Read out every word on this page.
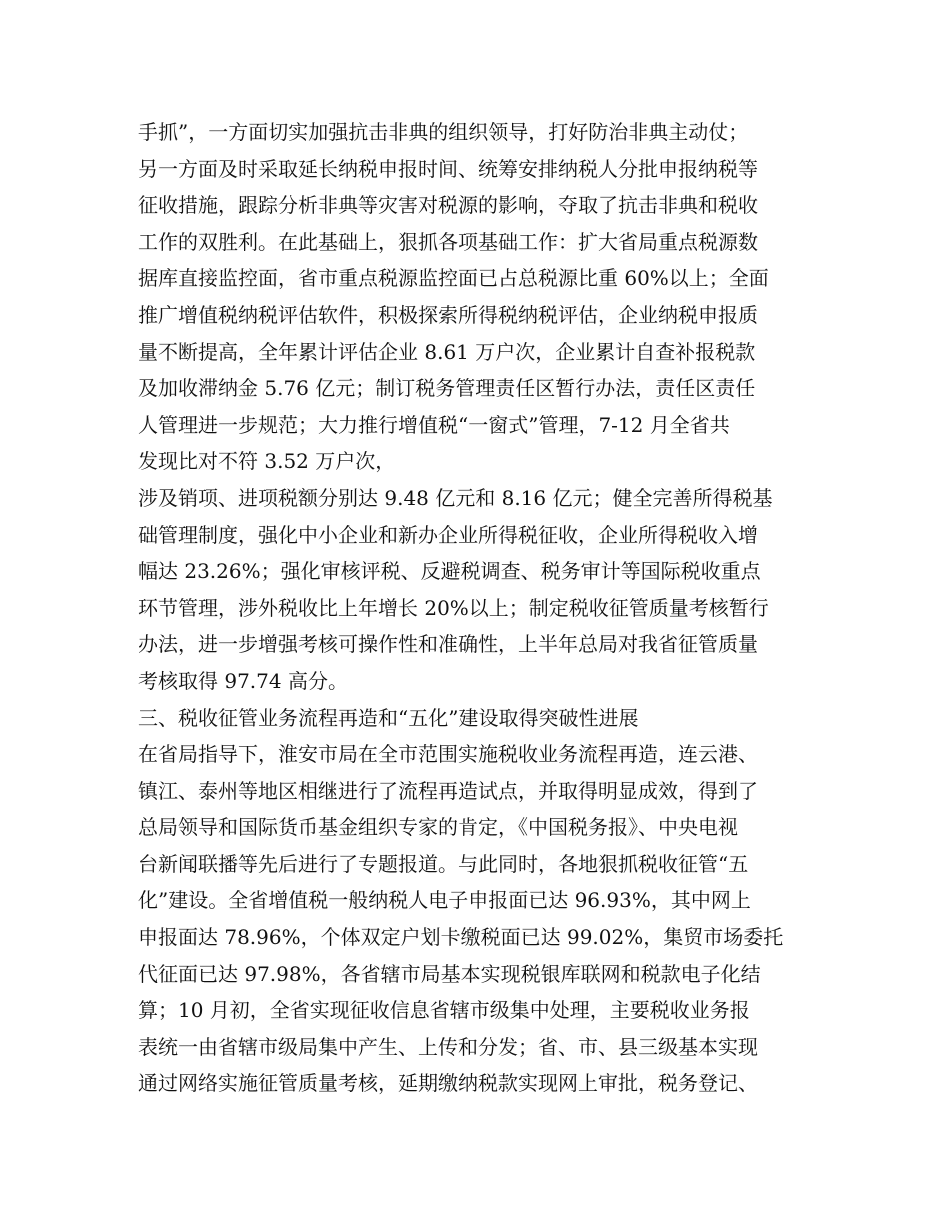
手抓”，一方面切实加强抗击非典的组织领导，打好防治非典主动仗；
另一方面及时采取延长纳税申报时间、统筹安排纳税人分批申报纳税等
征收措施，跟踪分析非典等灾害对税源的影响，夺取了抗击非典和税收
工作的双胜利。在此基础上，狠抓各项基础工作：扩大省局重点税源数
据库直接监控面，省市重点税源监控面已占总税源比重 60%以上；全面
推广增值税纳税评估软件，积极探索所得税纳税评估，企业纳税申报质
量不断提高，全年累计评估企业 8.61 万户次，企业累计自查补报税款
及加收滞纳金 5.76 亿元；制订税务管理责任区暂行办法，责任区责任
人管理进一步规范；大力推行增值税“一窗式”管理，7-12 月全省共
发现比对不符 3.52 万户次，
涉及销项、进项税额分别达 9.48 亿元和 8.16 亿元；健全完善所得税基
础管理制度，强化中小企业和新办企业所得税征收，企业所得税收入增
幅达 23.26%；强化审核评税、反避税调查、税务审计等国际税收重点
环节管理，涉外税收比上年增长 20%以上；制定税收征管质量考核暂行
办法，进一步增强考核可操作性和准确性，上半年总局对我省征管质量
考核取得 97.74 高分。
三、税收征管业务流程再造和“五化”建设取得突破性进展
在省局指导下，淮安市局在全市范围实施税收业务流程再造，连云港、
镇江、泰州等地区相继进行了流程再造试点，并取得明显成效，得到了
总局领导和国际货币基金组织专家的肯定，《中国税务报》、中央电视
台新闻联播等先后进行了专题报道。与此同时，各地狠抓税收征管“五
化”建设。全省增值税一般纳税人电子申报面已达 96.93%，其中网上
申报面达 78.96%，个体双定户划卡缴税面已达 99.02%，集贸市场委托
代征面已达 97.98%，各省辖市局基本实现税银库联网和税款电子化结
算；10 月初，全省实现征收信息省辖市级集中处理，主要税收业务报
表统一由省辖市级局集中产生、上传和分发；省、市、县三级基本实现
通过网络实施征管质量考核，延期缴纳税款实现网上审批，税务登记、
